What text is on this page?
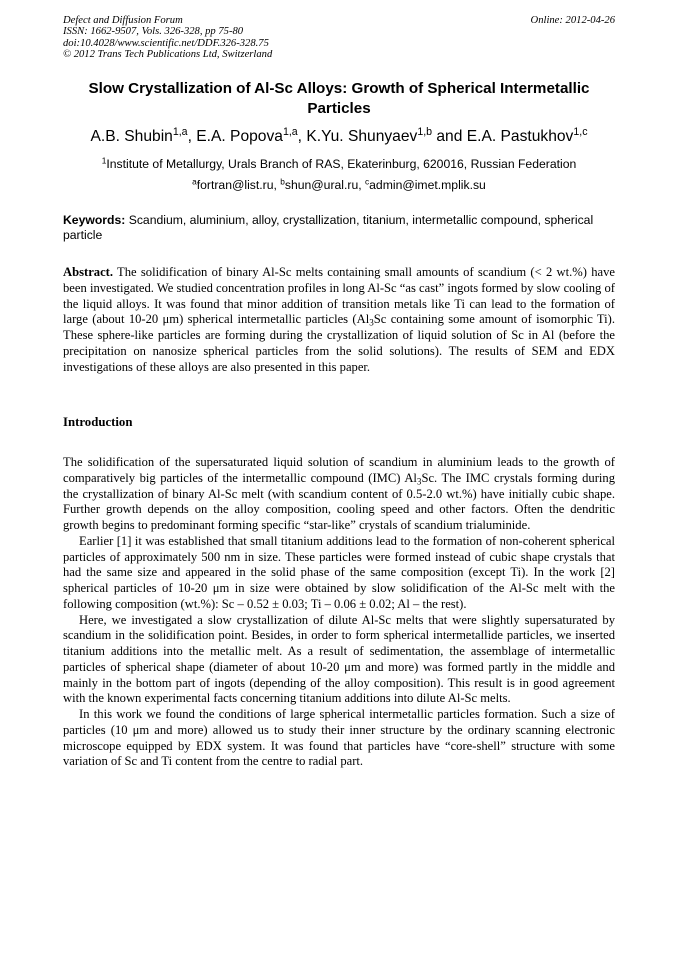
Defect and Diffusion Forum
ISSN: 1662-9507, Vols. 326-328, pp 75-80
doi:10.4028/www.scientific.net/DDF.326-328.75
© 2012 Trans Tech Publications Ltd, Switzerland
Online: 2012-04-26
Slow Crystallization of Al-Sc Alloys: Growth of Spherical Intermetallic Particles
A.B. Shubin$^{1,a}$, E.A. Popova$^{1,a}$, K.Yu. Shunyaev$^{1,b}$ and E.A. Pastukhov$^{1,c}$
$^1$Institute of Metallurgy, Urals Branch of RAS, Ekaterinburg, 620016, Russian Federation
$^a$fortran@list.ru, $^b$shun@ural.ru, $^c$admin@imet.mplik.su
Keywords: Scandium, aluminium, alloy, crystallization, titanium, intermetallic compound, spherical particle
Abstract. The solidification of binary Al-Sc melts containing small amounts of scandium (< 2 wt.%) have been investigated. We studied concentration profiles in long Al-Sc “as cast” ingots formed by slow cooling of the liquid alloys. It was found that minor addition of transition metals like Ti can lead to the formation of large (about 10-20 μm) spherical intermetallic particles ($Al_3Sc$ containing some amount of isomorphic Ti). These sphere-like particles are forming during the crystallization of liquid solution of Sc in Al (before the precipitation on nanosize spherical particles from the solid solutions). The results of SEM and EDX investigations of these alloys are also presented in this paper.
Introduction

The solidification of the supersaturated liquid solution of scandium in aluminium leads to the growth of comparatively big particles of the intermetallic compound (IMC) $Al_3Sc$. The IMC crystals forming during the crystallization of binary Al-Sc melt (with scandium content of 0.5-2.0 wt.%) have initially cubic shape. Further growth depends on the alloy composition, cooling speed and other factors. Often the dendritic growth begins to predominant forming specific “star-like” crystals of scandium trialuminide.

Earlier [1] it was established that small titanium additions lead to the formation of non-coherent spherical particles of approximately 500 nm in size. These particles were formed instead of cubic shape crystals that had the same size and appeared in the solid phase of the same composition (except Ti). In the work [2] spherical particles of 10-20 μm in size were obtained by slow solidification of the Al-Sc melt with the following composition (wt.%): Sc – 0.52 ± 0.03; Ti – 0.06 ± 0.02; Al – the rest).

Here, we investigated a slow crystallization of dilute Al-Sc melts that were slightly supersaturated by scandium in the solidification point. Besides, in order to form spherical intermetallide particles, we inserted titanium additions into the metallic melt. As a result of sedimentation, the assemblage of intermetallic particles of spherical shape (diameter of about 10-20 μm and more) was formed partly in the middle and mainly in the bottom part of ingots (depending of the alloy composition). This result is in good agreement with the known experimental facts concerning titanium additions into dilute Al-Sc melts.

In this work we found the conditions of large spherical intermetallic particles formation. Such a size of particles (10 μm and more) allowed us to study their inner structure by the ordinary scanning electronic microscope equipped by EDX system. It was found that particles have “core-shell” structure with some variation of Sc and Ti content from the centre to radial part.
